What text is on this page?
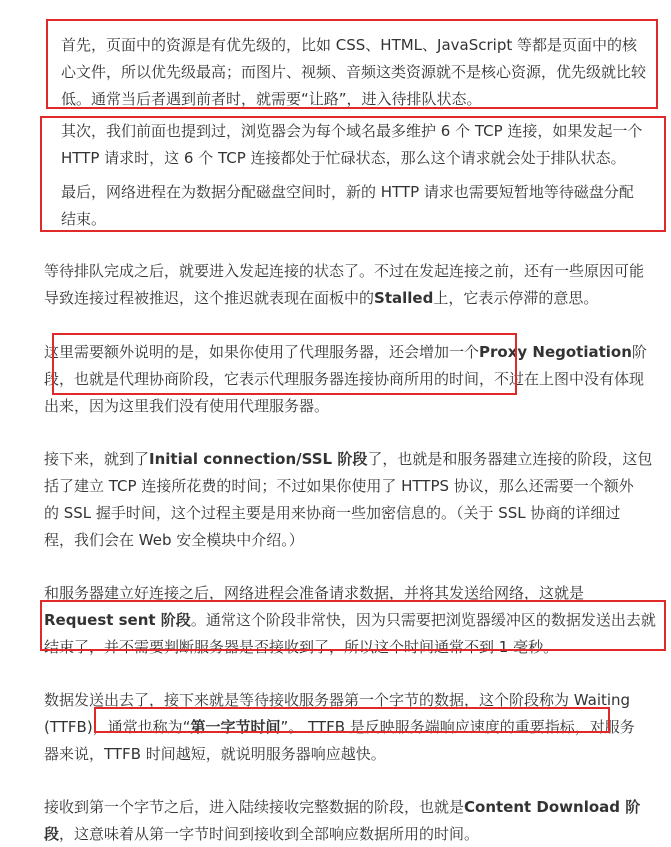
首先，页面中的资源是有优先级的，比如 CSS、HTML、JavaScript 等都是页面中的核
心文件，所以优先级最高；而图片、视频、音频这类资源就不是核心资源，优先级就比较
低。通常当后者遇到前者时，就需要“让路”，进入待排队状态。
其次，我们前面也提到过，浏览器会为每个域名最多维护 6 个 TCP 连接，如果发起一个
HTTP 请求时，这 6 个 TCP 连接都处于忙碌状态，那么这个请求就会处于排队状态。
最后，网络进程在为数据分配磁盘空间时，新的 HTTP 请求也需要短暂地等待磁盘分配
结束。
等待排队完成之后，就要进入发起连接的状态了。不过在发起连接之前，还有一些原因可能
导致连接过程被推迟，这个推迟就表现在面板中的Stalled上，它表示停滞的意思。
这里需要额外说明的是，如果你使用了代理服务器，还会增加一个Proxy Negotiation阶
段，也就是代理协商阶段，它表示代理服务器连接协商所用的时间，不过在上图中没有体现
出来，因为这里我们没有使用代理服务器。
接下来，就到了Initial connection/SSL 阶段了，也就是和服务器建立连接的阶段，这包
括了建立 TCP 连接所花费的时间；不过如果你使用了 HTTPS 协议，那么还需要一个额外
的 SSL 握手时间，这个过程主要是用来协商一些加密信息的。（关于 SSL 协商的详细过
程，我们会在 Web 安全模块中介绍。）
和服务器建立好连接之后，网络进程会准备请求数据，并将其发送给网络，这就是
Request sent 阶段。通常这个阶段非常快，因为只需要把浏览器缓冲区的数据发送出去就
结束了，并不需要判断服务器是否接收到了，所以这个时间通常不到 1 毫秒。
数据发送出去了，接下来就是等待接收服务器第一个字节的数据，这个阶段称为 Waiting
(TTFB)，通常也称为“第一字节时间”。 TTFB 是反映服务端响应速度的重要指标，对服务
器来说，TTFB 时间越短，就说明服务器响应越快。
接收到第一个字节之后，进入陆续接收完整数据的阶段，也就是Content Download 阶
段，这意味着从第一字节时间到接收到全部响应数据所用的时间。
